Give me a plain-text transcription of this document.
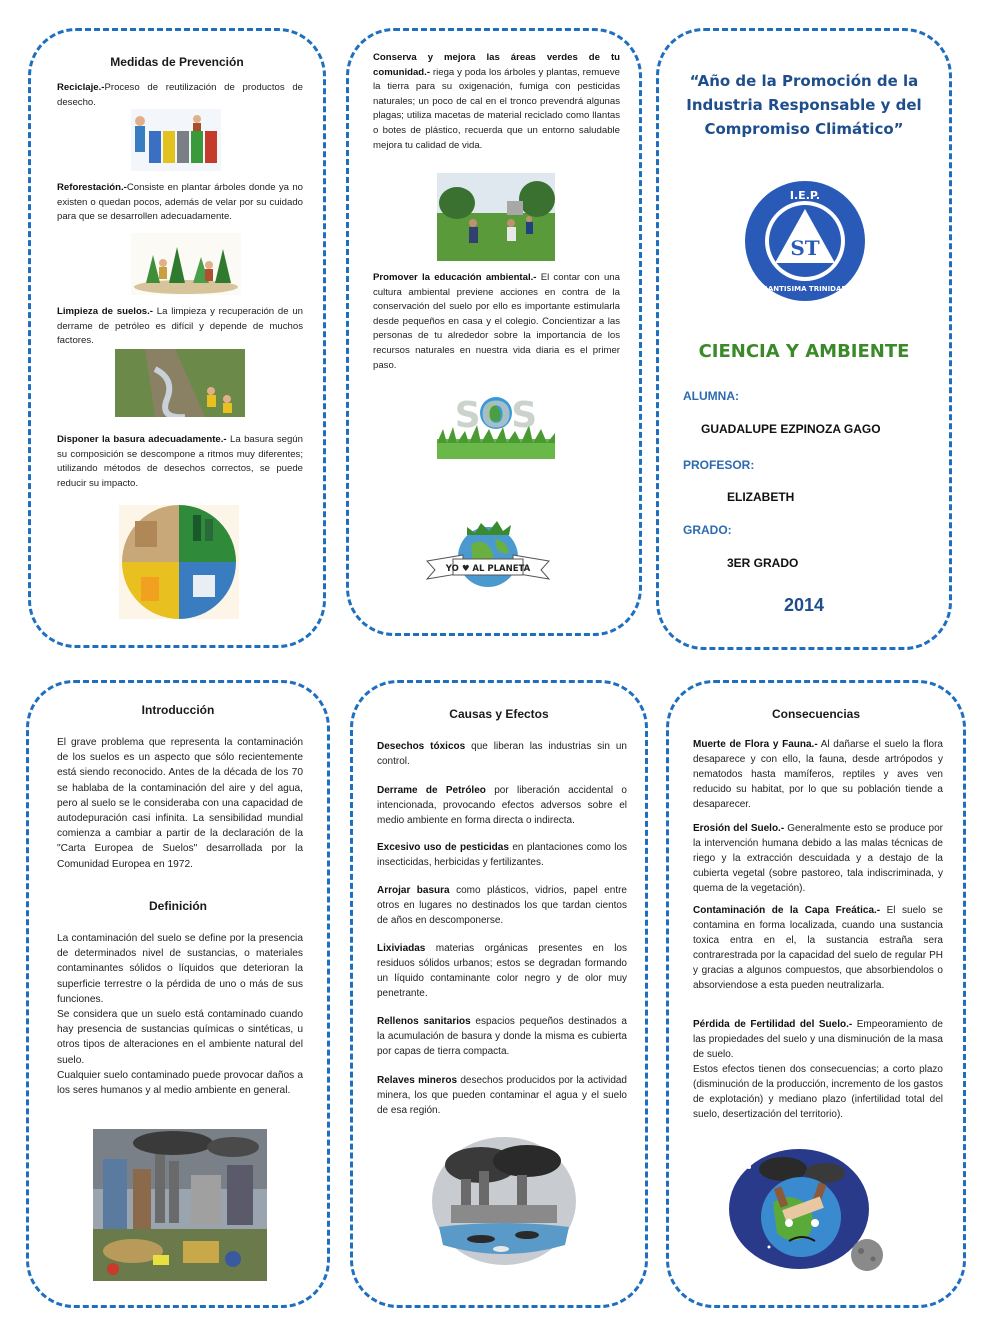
Medidas de Prevención
Reciclaje.-Proceso de reutilización de productos de desecho.
Reforestación.-Consiste en plantar árboles donde ya no existen o quedan pocos, además de velar por su cuidado para que se desarrollen adecuadamente.
Limpieza de suelos.- La limpieza y recuperación de un derrame de petróleo es difícil y depende de muchos factores.
Disponer la basura adecuadamente.- La basura según su composición se descompone a ritmos muy diferentes; utilizando métodos de desechos correctos, se puede reducir su impacto.
Conserva y mejora las áreas verdes de tu comunidad.- riega y poda los árboles y plantas, remueve la tierra para su oxigenación, fumiga con pesticidas naturales; un poco de cal en el tronco prevendrá algunas plagas; utiliza macetas de material reciclado como llantas o botes de plástico, recuerda que un entorno saludable mejora tu calidad de vida.
Promover la educación ambiental.- El contar con una cultura ambiental previene acciones en contra de la conservación del suelo por ello es importante estimularla desde pequeños en casa y el colegio. Concientizar a las personas de tu alrededor sobre la importancia de los recursos naturales en nuestra vida diaria es el primer paso.
SOS
YO ♥ AL PLANETA
“Año de la Promoción de la Industria Responsable y del Compromiso Climático”
I.E.P.
ST
“SANTISIMA TRINIDAD”
CIENCIA Y AMBIENTE
ALUMNA:
GUADALUPE EZPINOZA GAGO
PROFESOR:
ELIZABETH
GRADO:
3ER GRADO
2014
Introducción
El grave problema que representa la contaminación de los suelos es un aspecto que sólo recientemente está siendo reconocido. Antes de la década de los 70 se hablaba de la contaminación del aire y del agua, pero al suelo se le consideraba con una capacidad de autodepuración casi infinita. La sensibilidad mundial comienza a cambiar a partir de la declaración de la "Carta Europea de Suelos" desarrollada por la Comunidad Europea en 1972.
Definición
La contaminación del suelo se define por la presencia de determinados nivel de sustancias, o materiales contaminantes sólidos o líquidos que deterioran la superficie terrestre o la pérdida de uno o más de sus funciones.
Se considera que un suelo está contaminado cuando hay presencia de sustancias químicas o sintéticas, u otros tipos de alteraciones en el ambiente natural del suelo.
Cualquier suelo contaminado puede provocar daños a los seres humanos y al medio ambiente en general.
Causas y Efectos
Desechos tóxicos que liberan las industrias sin un control.
Derrame de Petróleo por liberación accidental o intencionada, provocando efectos adversos sobre el medio ambiente en forma directa o indirecta.
Excesivo uso de pesticidas en plantaciones como los insecticidas, herbicidas y fertilizantes.
Arrojar basura como plásticos, vidrios, papel entre otros en lugares no destinados los que tardan cientos de años en descomponerse.
Lixiviadas materias orgánicas presentes en los residuos sólidos urbanos; estos se degradan formando un líquido contaminante color negro y de olor muy penetrante.
Rellenos sanitarios espacios pequeños destinados a la acumulación de basura y donde la misma es cubierta por capas de tierra compacta.
Relaves mineros desechos producidos por la actividad minera, los que pueden contaminar el agua y el suelo de esa región.
Consecuencias
Muerte de Flora y Fauna.- Al dañarse el suelo la flora desaparece y con ello, la fauna, desde artrópodos y nematodos hasta mamíferos, reptiles y aves ven reducido su habitat, por lo que su población tiende a desaparecer.
Erosión del Suelo.- Generalmente esto se produce por la intervención humana debido a las malas técnicas de riego y la extracción descuidada y a destajo de la cubierta vegetal (sobre pastoreo, tala indiscriminada, y quema de la vegetación).
Contaminación de la Capa Freática.- El suelo se contamina en forma localizada, cuando una sustancia toxica entra en el, la sustancia estraña sera contrarestrada por la capacidad del suelo de regular PH y gracias a algunos compuestos, que absorbiendolos o absorviendose a esta pueden neutralizarla.
Pérdida de Fertilidad del Suelo.- Empeoramiento de las propiedades del suelo y una disminución de la masa de suelo.
Estos efectos tienen dos consecuencias; a corto plazo (disminución de la producción, incremento de los gastos de explotación) y mediano plazo (infertilidad total del suelo, desertización del territorio).
